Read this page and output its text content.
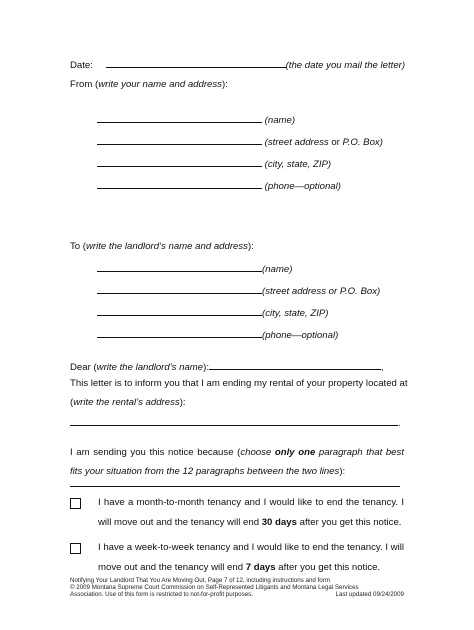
Date:	(the date you mail the letter)
From (write your name and address):
(name)
(street address or P.O. Box)
(city, state, ZIP)
(phone—optional)
To (write the landlord’s name and address):
(name)
(street address or P.O. Box)
(city, state, ZIP)
(phone—optional)
Dear (write the landlord’s name):	,
This letter is to inform you that I am ending my rental of your property located at
(write the rental’s address):
.
I am sending you this notice because (choose only one paragraph that best fits your situation from the 12 paragraphs between the two lines):
I have a month-to-month tenancy and I would like to end the tenancy. I will move out and the tenancy will end 30 days after you get this notice.
I have a week-to-week tenancy and I would like to end the tenancy. I will move out and the tenancy will end 7 days after you get this notice.
Notifying Your Landlord That You Are Moving Out, Page 7 of 12, including instructions and form
© 2009 Montana Supreme Court Commission on Self-Represented Litigants and Montana Legal Services
Association. Use of this form is restricted to not-for-profit purposes.	Last updated 09/24/2009
